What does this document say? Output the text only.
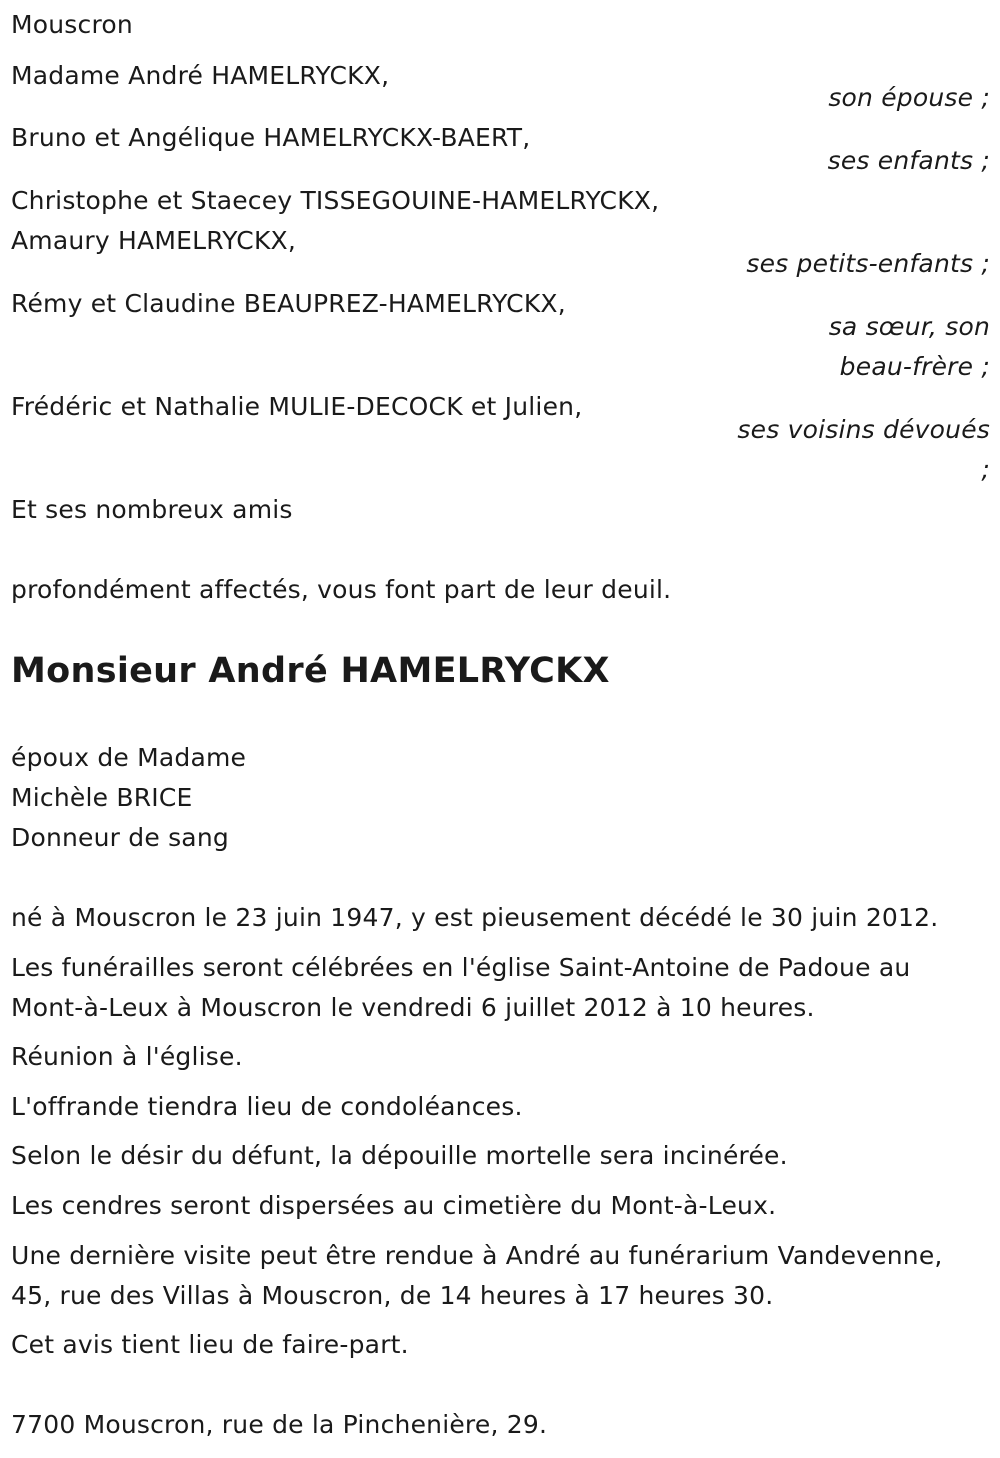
Mouscron
Madame André HAMELRYCKX,
son épouse ;
Bruno et Angélique HAMELRYCKX-BAERT,
ses enfants ;
Christophe et Staecey TISSEGOUINE-HAMELRYCKX,
Amaury HAMELRYCKX,
ses petits-enfants ;
Rémy et Claudine BEAUPREZ-HAMELRYCKX,
sa sœur, son
beau-frère ;
Frédéric et Nathalie MULIE-DECOCK et Julien,
ses voisins dévoués
;
Et ses nombreux amis
profondément affectés, vous font part de leur deuil.
Monsieur André HAMELRYCKX
époux de Madame
Michèle BRICE
Donneur de sang
né à Mouscron le 23 juin 1947, y est pieusement décédé le 30 juin 2012.
Les funérailles seront célébrées en l'église Saint-Antoine de Padoue au
Mont-à-Leux à Mouscron le vendredi 6 juillet 2012 à 10 heures.
Réunion à l'église.
L'offrande tiendra lieu de condoléances.
Selon le désir du défunt, la dépouille mortelle sera incinérée.
Les cendres seront dispersées au cimetière du Mont-à-Leux.
Une dernière visite peut être rendue à André au funérarium Vandevenne,
45, rue des Villas à Mouscron, de 14 heures à 17 heures 30.
Cet avis tient lieu de faire-part.
7700 Mouscron, rue de la Pinchenière, 29.
